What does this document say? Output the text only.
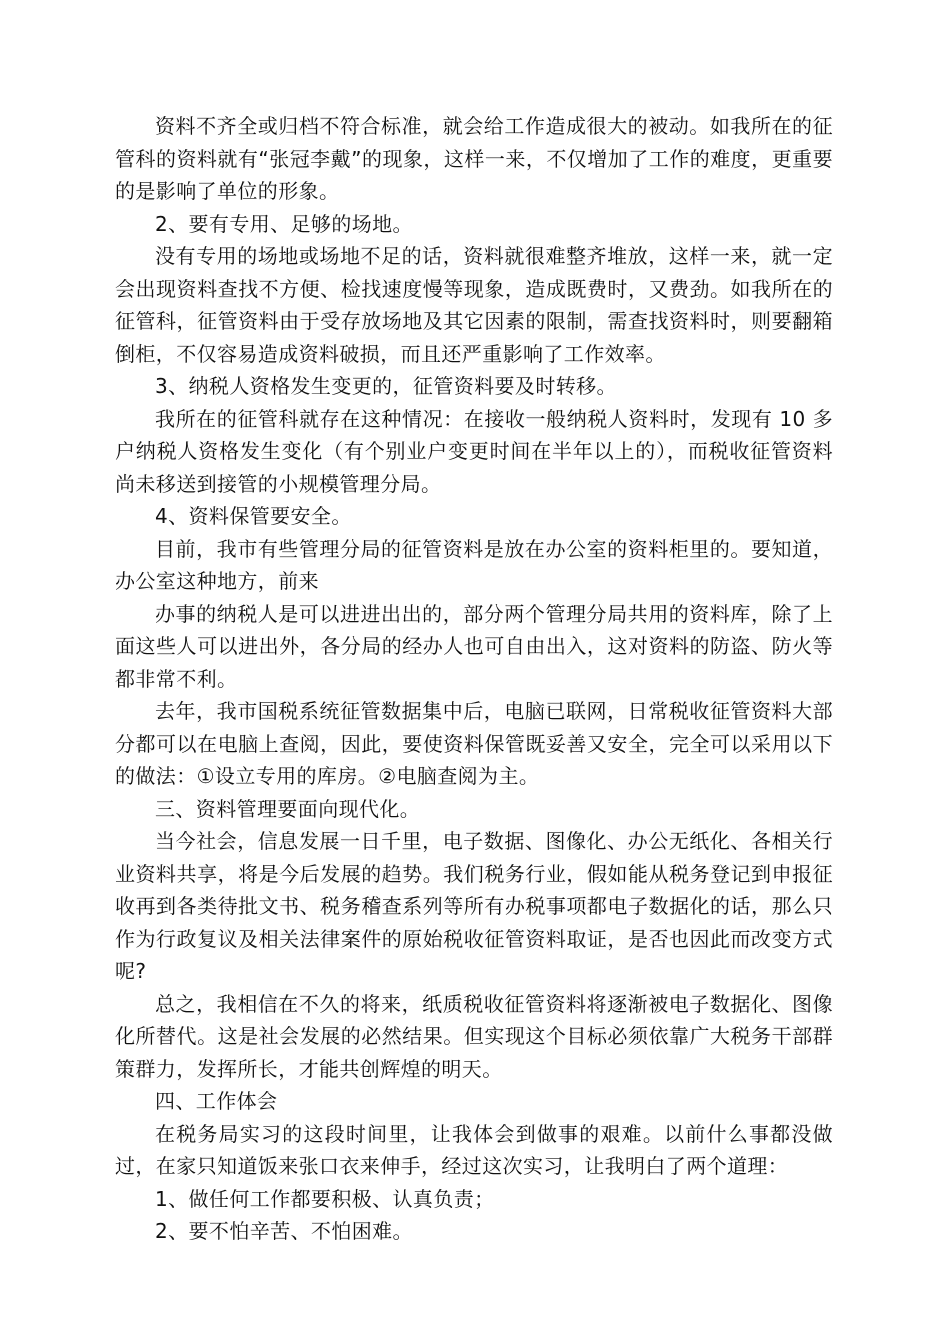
资料不齐全或归档不符合标准，就会给工作造成很大的被动。如我所在的征管科的资料就有“张冠李戴”的现象，这样一来，不仅增加了工作的难度，更重要的是影响了单位的形象。

2、要有专用、足够的场地。

没有专用的场地或场地不足的话，资料就很难整齐堆放，这样一来，就一定会出现资料查找不方便、检找速度慢等现象，造成既费时，又费劲。如我所在的征管科，征管资料由于受存放场地及其它因素的限制，需查找资料时，则要翻箱倒柜，不仅容易造成资料破损，而且还严重影响了工作效率。

3、纳税人资格发生变更的，征管资料要及时转移。

我所在的征管科就存在这种情况：在接收一般纳税人资料时，发现有 10 多户纳税人资格发生变化（有个别业户变更时间在半年以上的），而税收征管资料尚未移送到接管的小规模管理分局。

4、资料保管要安全。

目前，我市有些管理分局的征管资料是放在办公室的资料柜里的。要知道，办公室这种地方，前来

办事的纳税人是可以进进出出的，部分两个管理分局共用的资料库，除了上面这些人可以进出外，各分局的经办人也可自由出入，这对资料的防盗、防火等都非常不利。

去年，我市国税系统征管数据集中后，电脑已联网，日常税收征管资料大部分都可以在电脑上查阅，因此，要使资料保管既妥善又安全，完全可以采用以下的做法：①设立专用的库房。②电脑查阅为主。

三、资料管理要面向现代化。

当今社会，信息发展一日千里，电子数据、图像化、办公无纸化、各相关行业资料共享，将是今后发展的趋势。我们税务行业，假如能从税务登记到申报征收再到各类待批文书、税务稽查系列等所有办税事项都电子数据化的话，那么只作为行政复议及相关法律案件的原始税收征管资料取证，是否也因此而改变方式呢?

总之，我相信在不久的将来，纸质税收征管资料将逐渐被电子数据化、图像化所替代。这是社会发展的必然结果。但实现这个目标必须依靠广大税务干部群策群力，发挥所长，才能共创辉煌的明天。

四、工作体会

在税务局实习的这段时间里，让我体会到做事的艰难。以前什么事都没做过，在家只知道饭来张口衣来伸手，经过这次实习，让我明白了两个道理：

1、做任何工作都要积极、认真负责；

2、要不怕辛苦、不怕困难。
